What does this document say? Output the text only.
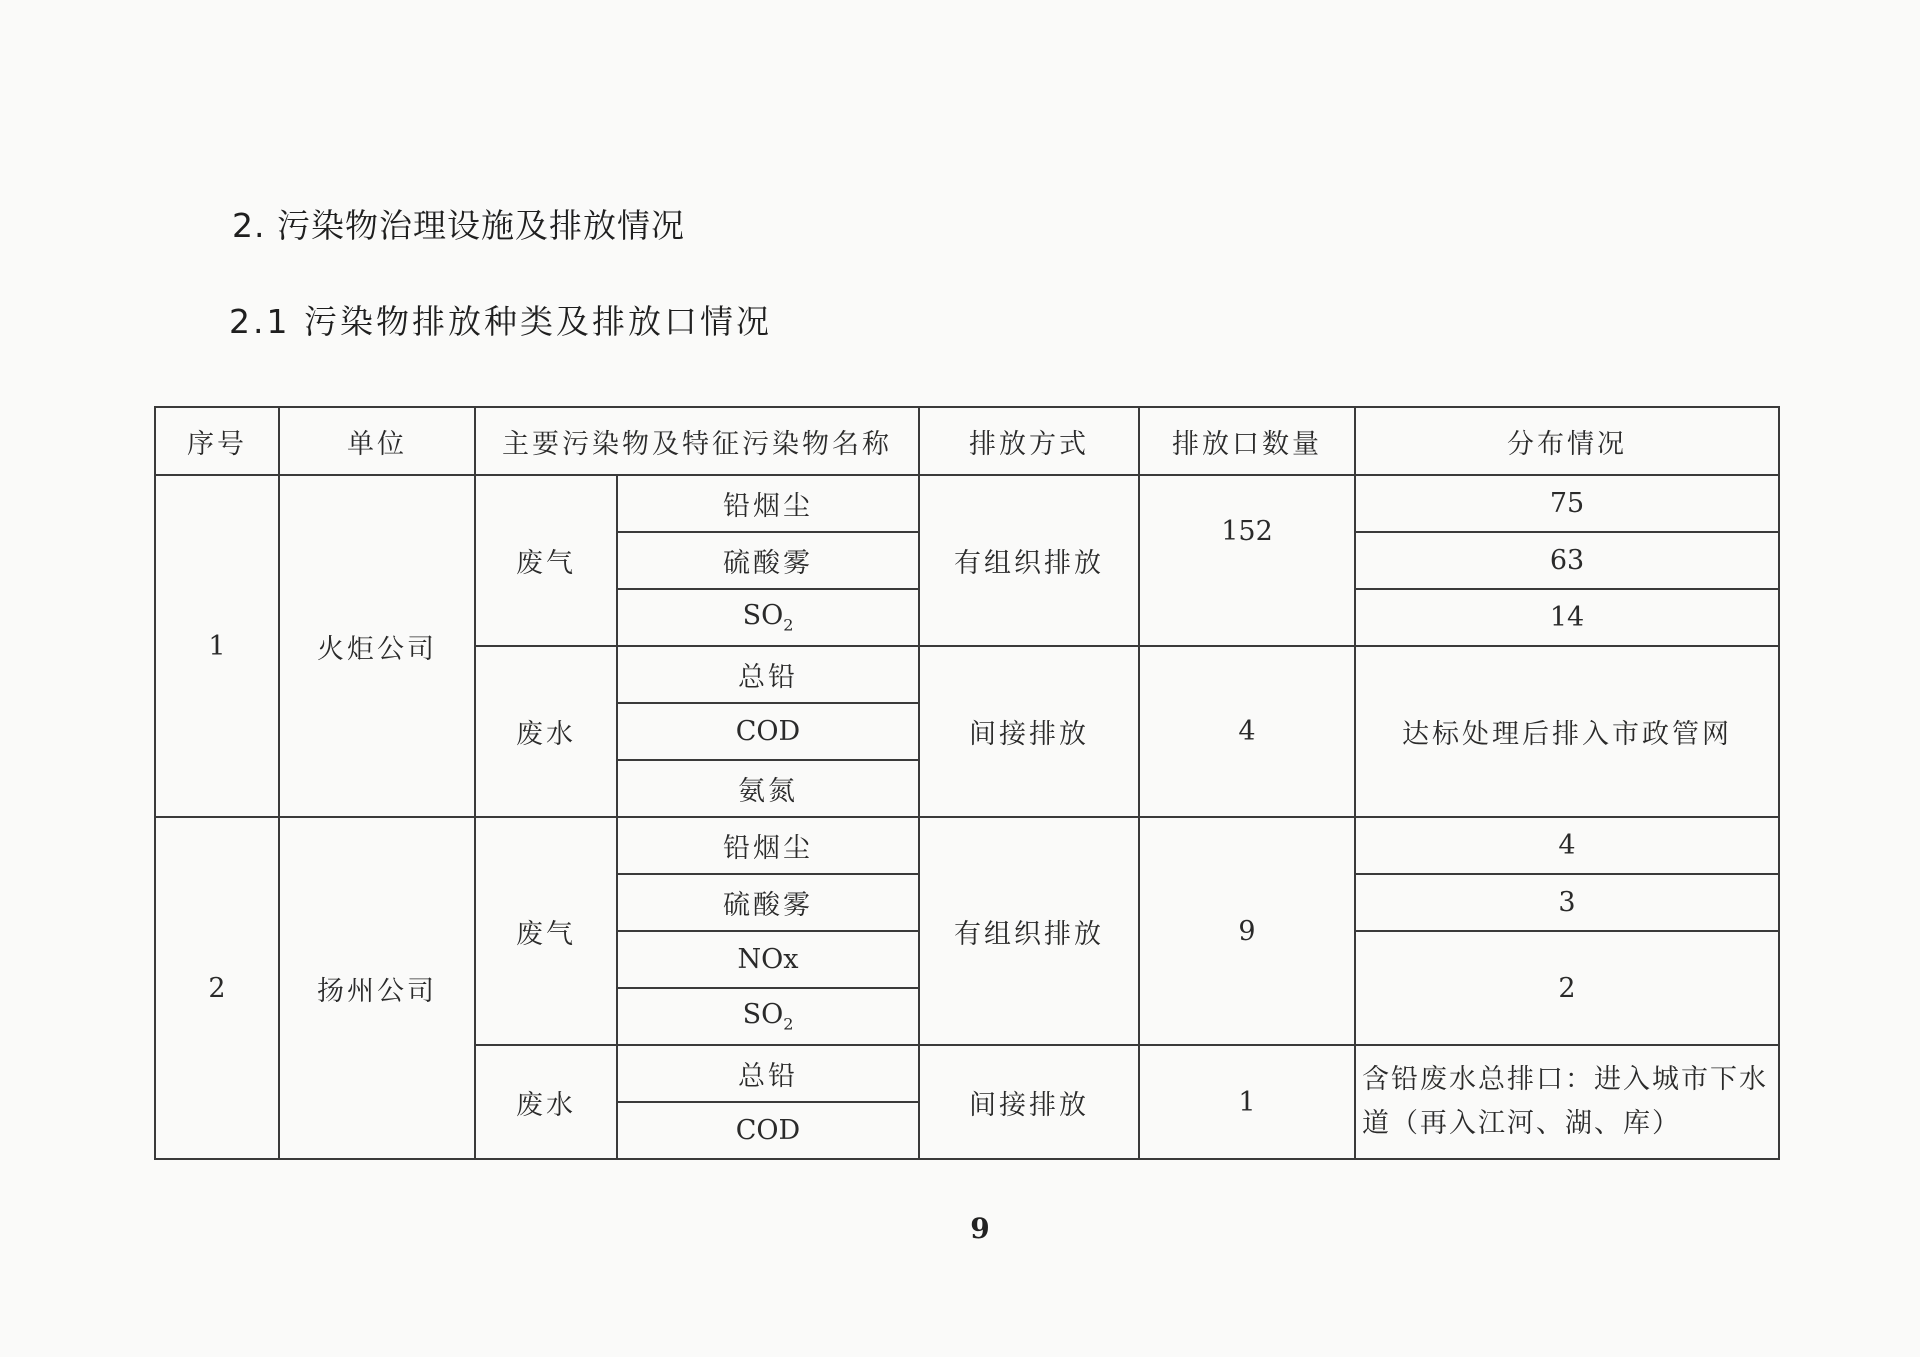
2. 污染物治理设施及排放情况
2.1 污染物排放种类及排放口情况
序号	单位	主要污染物及特征污染物名称		排放方式	排放口数量	分布情况
1	火炬公司	废气	铅烟尘	有组织排放	152	75
			硫酸雾			63
			$SO_2$			14
		废水	总铅	间接排放	4	达标处理后排入市政管网
			COD			
			氨氮			
2	扬州公司	废气	铅烟尘	有组织排放	9	4
			硫酸雾			3
			NOx			2
			$SO_2$
		废水	总铅	间接排放	1	含铅废水总排口：进入城市下水道（再入江河、湖、库）
			COD			
9
